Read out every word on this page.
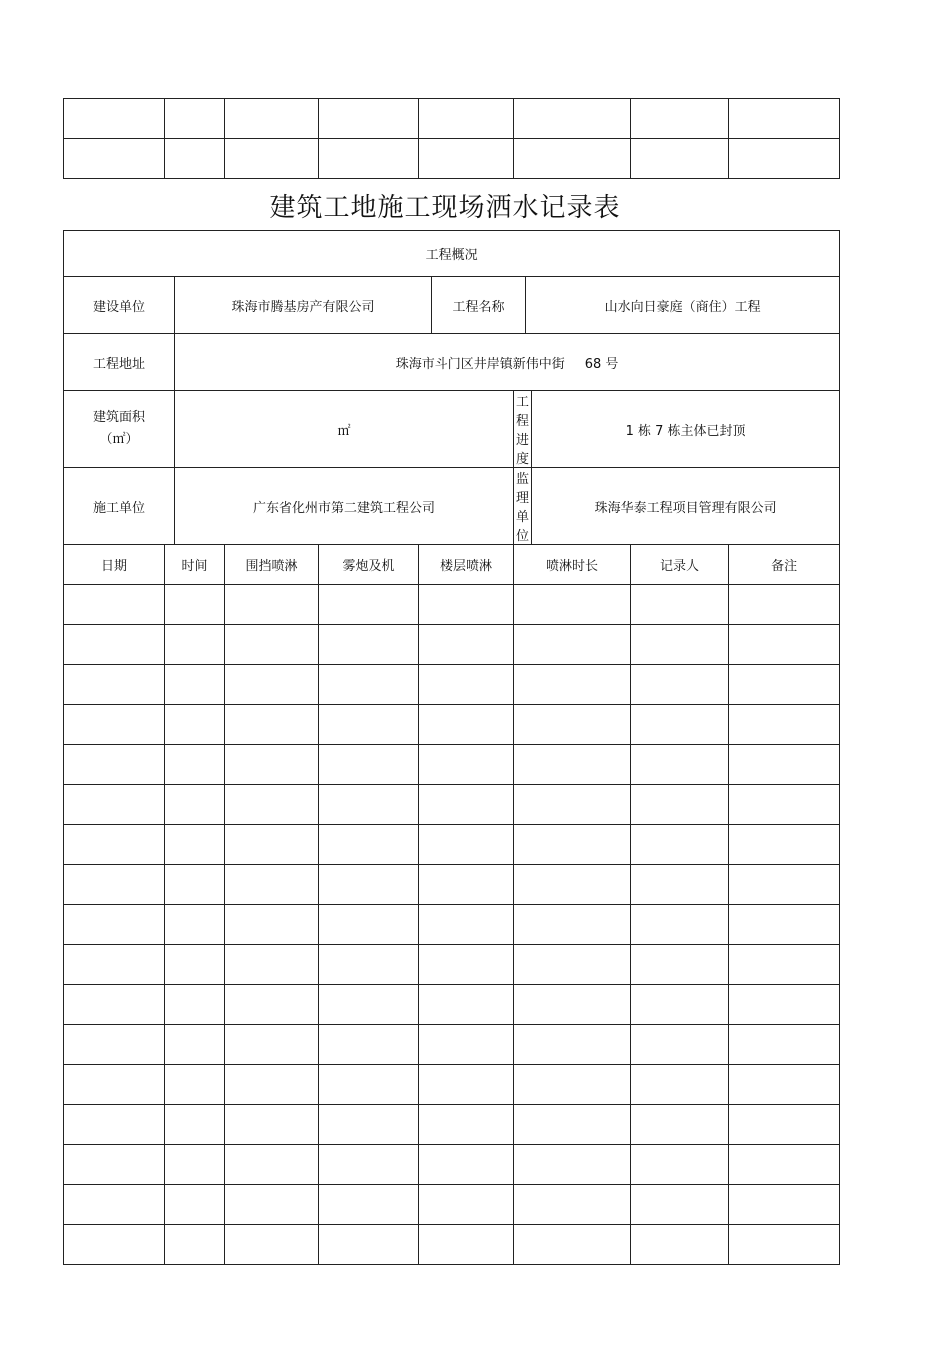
建筑工地施工现场洒水记录表
工程概况											
建设单位		珠海市腾基房产有限公司				工程名称		山水向日豪庭（商住）工程			
工程地址		珠海市斗门区井岸镇新伟中街 68 号									

建筑面积
（㎡）		㎡					工程进度		1 栋 7 栋主体已封顶		
施工单位		广东省化州市第二建筑工程公司					监理单位		珠海华泰工程项目管理有限公司		
日期	时间		围挡喷淋	雾炮及机	楼层喷淋		喷淋时长			记录人	备注
